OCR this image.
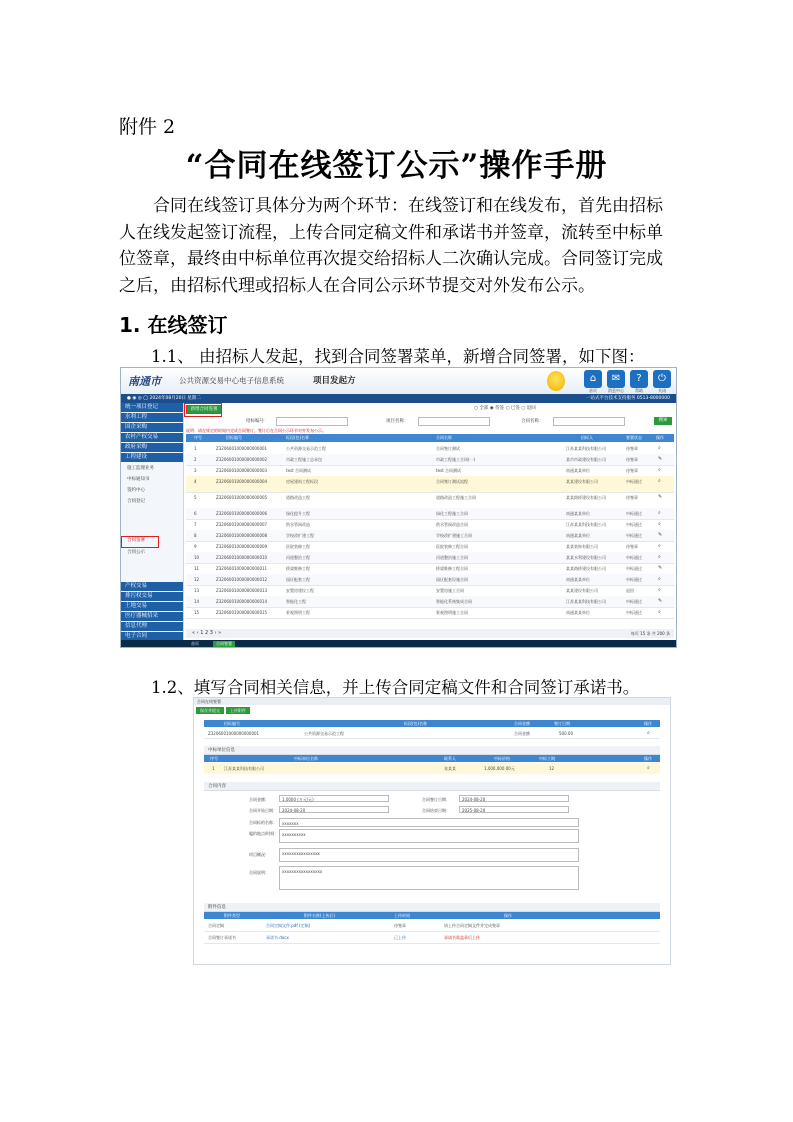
附件 2
“合同在线签订公示”操作手册
合同在线签订具体分为两个环节：在线签订和在线发布，首先由招标人在线发起签订流程，上传合同定稿文件和承诺书并签章，流转至中标单位签章，最终由中标单位再次提交给招标人二次确认完成。合同签订完成之后，由招标代理或招标人在合同公示环节提交对外发布公示。
1. 在线签订
1.1、 由招标人发起，找到合同签署菜单，新增合同签署，如下图：
南通市 公共资源交易中心电子信息系统	项目发起方	⌂
首页
✉
消息中心
?
帮助
⏻
关闭
● ◉ ◎ ◯ 2024年08月20日 星期二	一站式平台技术支持服务 0513-8000000
统一项目登记
水利工程
国企采购
农村产权交易
政府采购
工程建设
施工监理业务
中标通知书
签约中心
合同登记
合同签署
合同公示
产权交易
排污权交易
土地交易
医疗器械招采
信息代理
电子合同
新增合同签署	○ 全部 ◉ 待签 ○ 已签 ○ 退回
招标编号：	项目名称：	合同名称：	搜索
说明：请在规定的时间内完成合同签订，签订后在合同公示环节对外发布公示。
序号	招标编号	标段(包)名称	合同名称	招标人	签署状态	操作
1	Z3206001000000000001	公共资源交易示范工程	合同签订测试	江苏某某科技有限公司	待签章	⌕
2	Z3206001000000000002	市政工程施工总承包	市政工程施工合同(一)	某市市政建设有限公司	待签章	✎
3	Z3206001000000000003	test 合同测试	test 合同测试	南通某某单位	待签章	⌕
4	Z3206001000000000004	房屋建筑工程标段	合同签订测试流程	某某建设有限公司	中标通过	⌕
5	Z3206001000000000005	道路改造工程	道路改造工程施工合同	某某路桥建设有限公司	待签章	✎
6	Z3206001000000000006	绿化提升工程	绿化工程施工合同	南通某某单位	中标通过	⌕
7	Z3206001000000000007	供水管网改造	供水管网改造合同	江苏某某科技有限公司	中标通过	⌕
8	Z3206001000000000008	学校改扩建工程	学校改扩建施工合同	南通某某单位	中标通过	✎
9	Z3206001000000000009	医院装修工程	医院装修工程合同	某某装饰有限公司	待签章	⌕
10	Z3206001000000000010	河道整治工程	河道整治施工合同	某某水利建设有限公司	中标通过	⌕
11	Z3206001000000000011	桥梁维修工程	桥梁维修工程合同	某某路桥建设有限公司	中标通过	✎
12	Z3206001000000000012	园区配套工程	园区配套设施合同	南通某某单位	中标通过	⌕
13	Z3206001000000000013	安置房建设工程	安置房施工合同	某某建设有限公司	退回	⌕
14	Z3206001000000000014	智能化工程	智能化系统集成合同	江苏某某科技有限公司	中标通过	✎
15	Z3206001000000000015	景观照明工程	景观照明施工合同	南通某某单位	中标通过	⌕
每页 15 条 共 200 条
« ‹ 1 2 3 › »
首页	合同签署
1.2、填写合同相关信息，并上传合同定稿文件和合同签订承诺书。
合同在线签署
保存并提交	上传附件
招标编号	标段(包)名称	合同金额	签订日期	操作
Z3206001000000000001	公共资源交易示范工程	合同金额	500.00	⌕
中标单位信息
序号	中标单位名称	联系人	中标价格	中标工期	操作
1 江苏某某科技有限公司	张某某	1,000,000.00元	12	⌕
合同内容
合同金额：	1.0000 (万元/元)	合同签订日期：	2024-08-20
合同开始日期：	2024-08-20	合同结束日期：	2025-08-20
合同标的名称：	xxxxxxx
履约地点/时间： xxxxxxxxxx
项目概况：	xxxxxxxxxxxxxxxx
合同说明：	xxxxxxxxxxxxxxxxx
附件信息
附件类型	附件名称(上传后)	上传时间	操作
合同定稿	合同定稿文件.pdf (定稿)	待签章	请上传合同定稿文件并完成签章
合同签订承诺书	承诺书.docx	已上传	承诺书需盖章后上传
